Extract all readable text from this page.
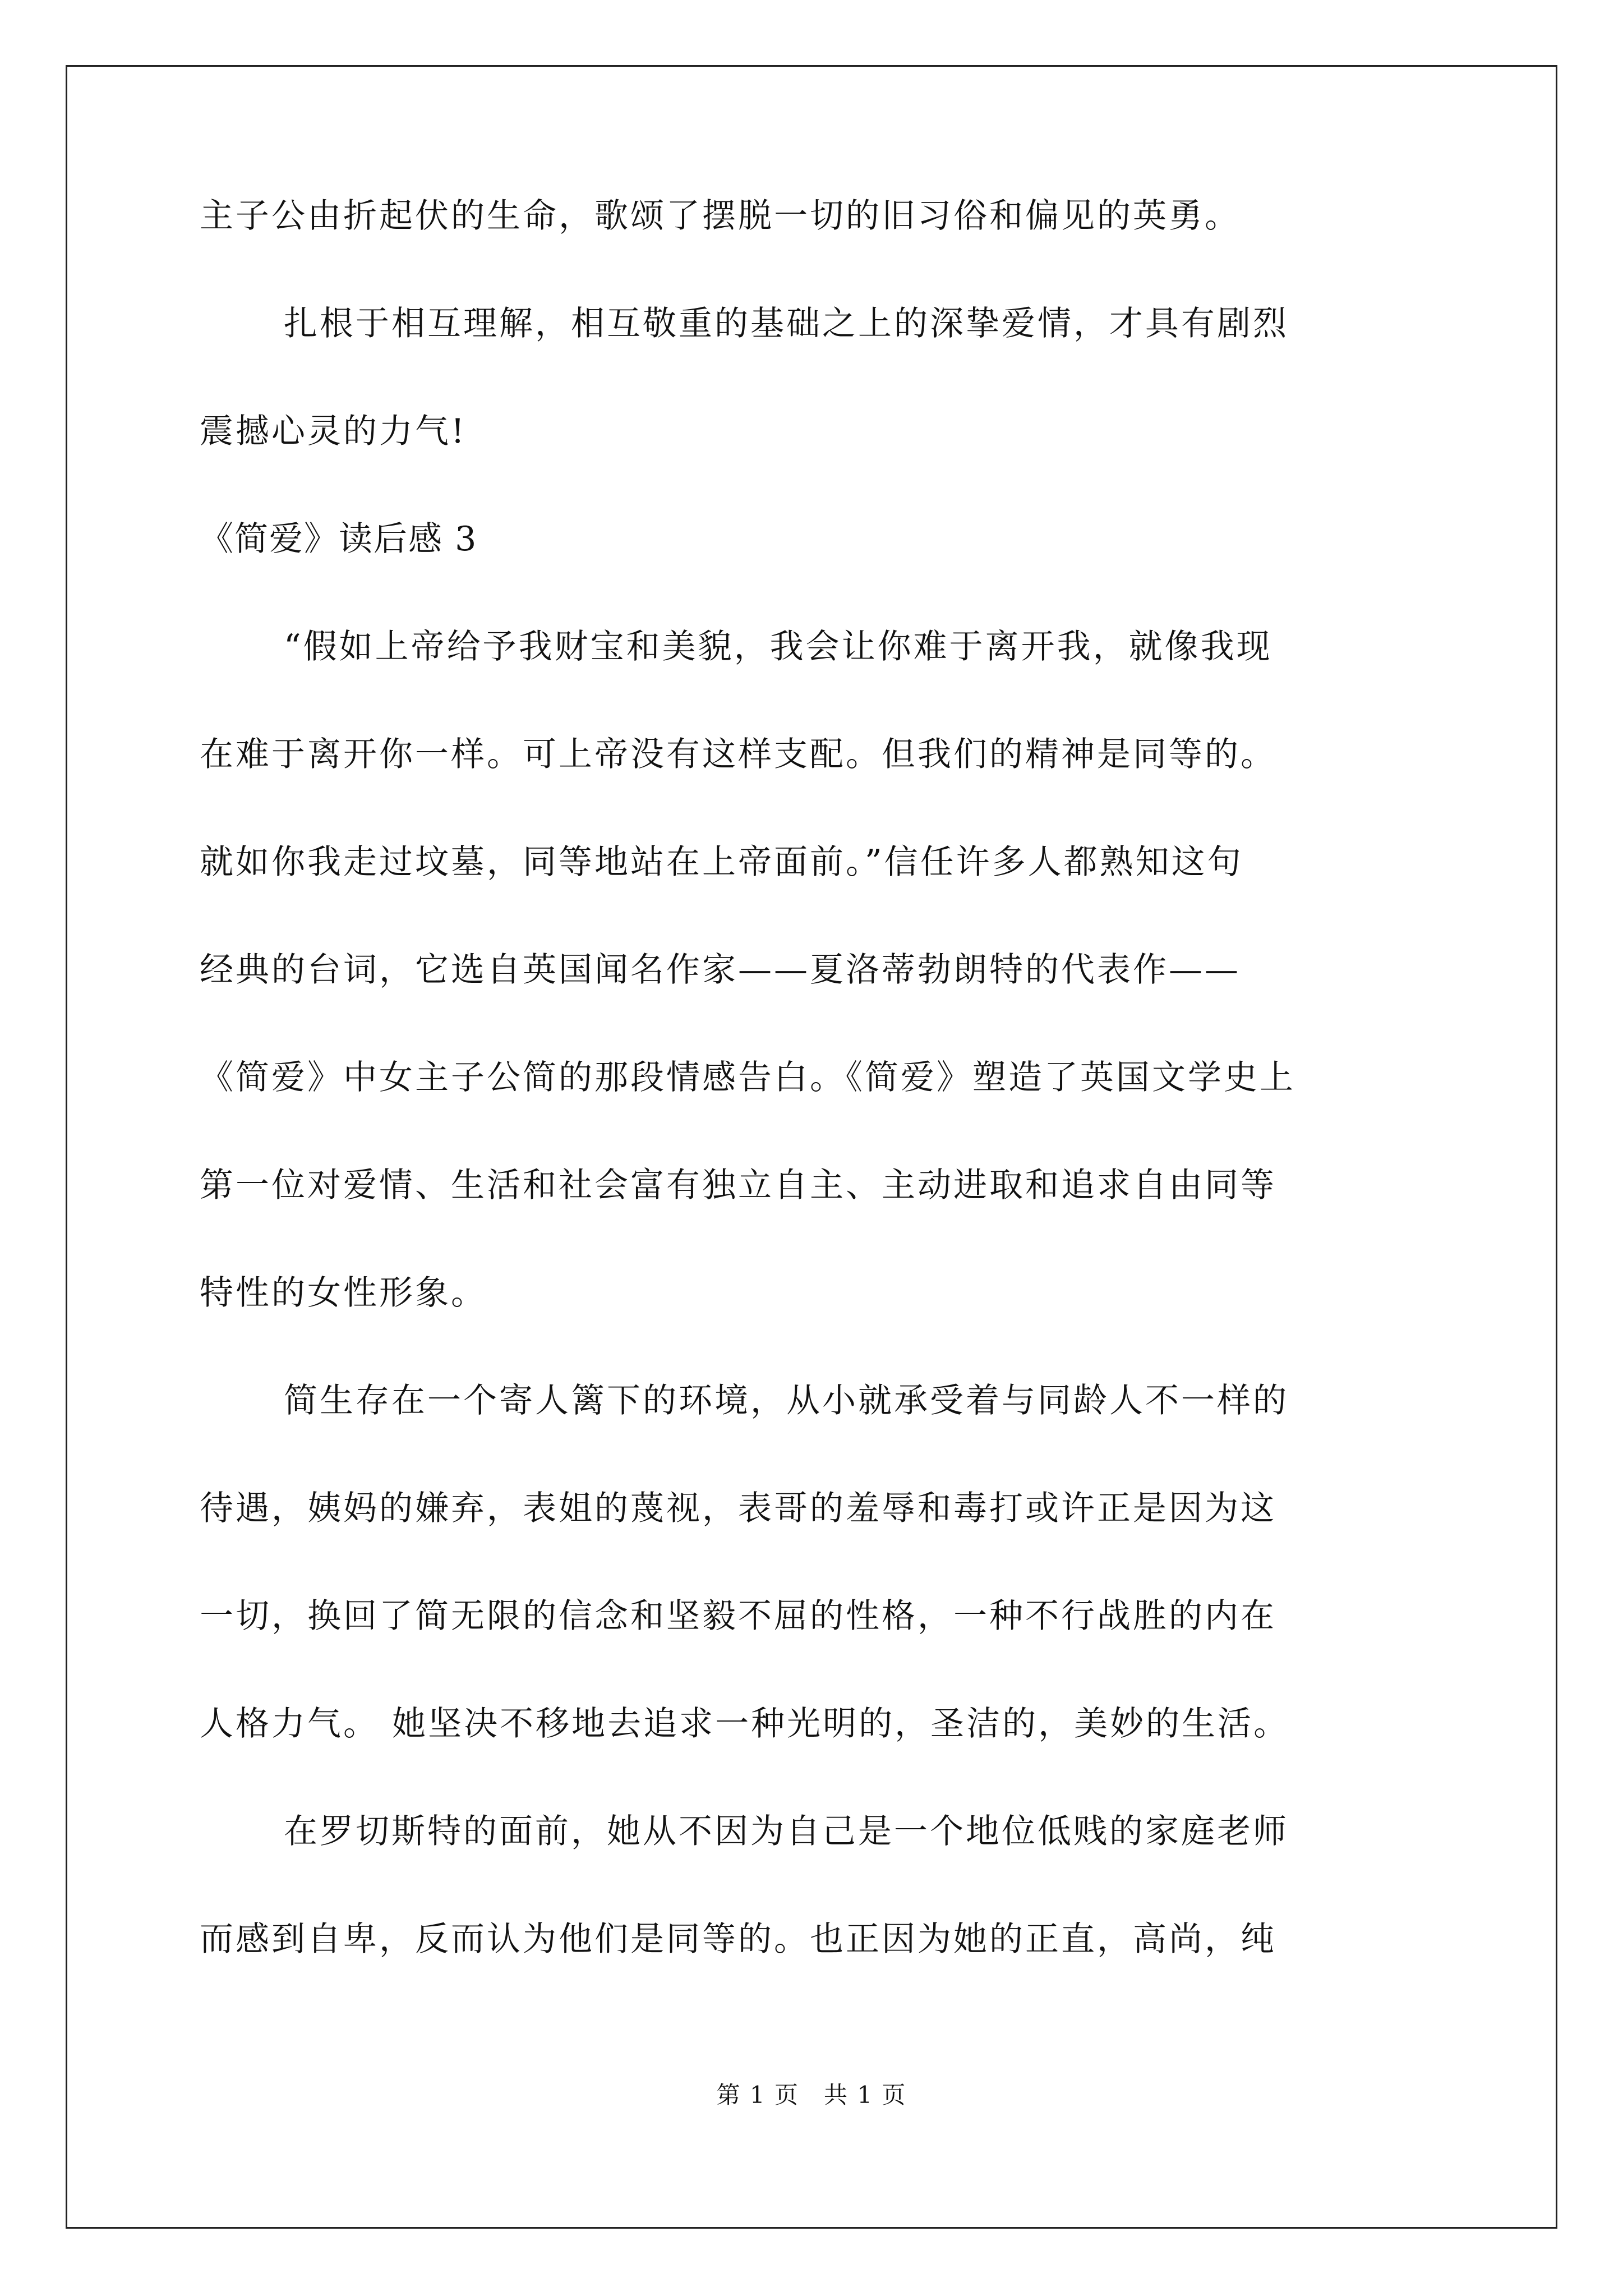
主子公由折起伏的生命，歌颂了摆脱一切的旧习俗和偏见的英勇。
扎根于相互理解，相互敬重的基础之上的深挚爱情，才具有剧烈
震撼心灵的力气!
《简爱》读后感 3
“假如上帝给予我财宝和美貌，我会让你难于离开我，就像我现
在难于离开你一样。可上帝没有这样支配。但我们的精神是同等的。
就如你我走过坟墓，同等地站在上帝面前。”信任许多人都熟知这句
经典的台词，它选自英国闻名作家——夏洛蒂勃朗特的代表作——
《简爱》中女主子公简的那段情感告白。《简爱》塑造了英国文学史上
第一位对爱情、生活和社会富有独立自主、主动进取和追求自由同等
特性的女性形象。
简生存在一个寄人篱下的环境，从小就承受着与同龄人不一样的
待遇，姨妈的嫌弃，表姐的蔑视，表哥的羞辱和毒打或许正是因为这
一切，换回了简无限的信念和坚毅不屈的性格，一种不行战胜的内在
人格力气。 她坚决不移地去追求一种光明的，圣洁的，美妙的生活。
在罗切斯特的面前，她从不因为自己是一个地位低贱的家庭老师
而感到自卑，反而认为他们是同等的。也正因为她的正直，高尚，纯
第 1 页　共 1 页
